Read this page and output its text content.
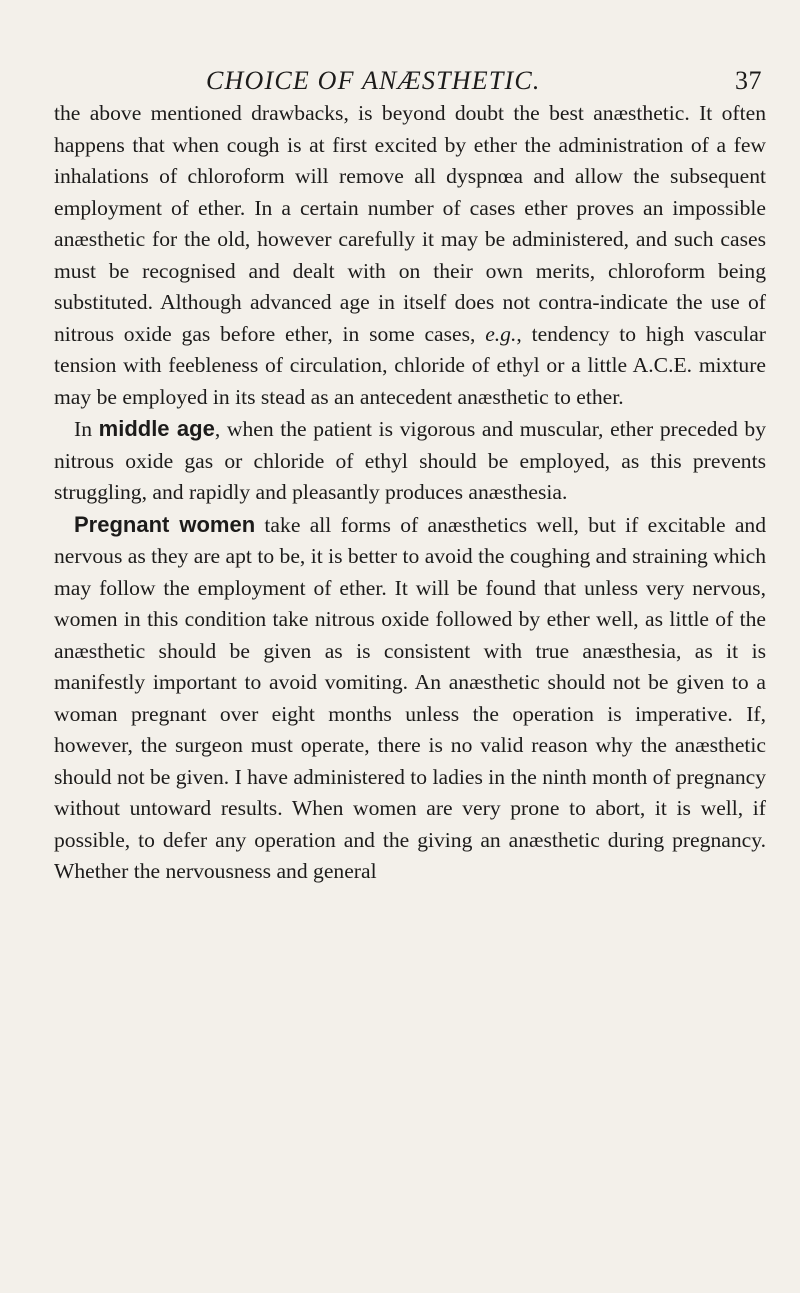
CHOICE OF ANÆSTHETIC.	37

the above mentioned drawbacks, is beyond doubt the best anæsthetic. It often happens that when cough is at first excited by ether the administration of a few inhalations of chloroform will remove all dyspnœa and allow the subsequent employment of ether. In a certain number of cases ether proves an impossible anæsthetic for the old, however carefully it may be administered, and such cases must be recognised and dealt with on their own merits, chloroform being substituted. Although advanced age in itself does not contra-indicate the use of nitrous oxide gas before ether, in some cases, e.g., tendency to high vascular tension with feebleness of circulation, chloride of ethyl or a little A.C.E. mixture may be employed in its stead as an antecedent anæsthetic to ether.

In middle age, when the patient is vigorous and muscular, ether preceded by nitrous oxide gas or chloride of ethyl should be employed, as this prevents struggling, and rapidly and pleasantly produces anæsthesia.

Pregnant women take all forms of anæsthetics well, but if excitable and nervous as they are apt to be, it is better to avoid the coughing and straining which may follow the employment of ether. It will be found that unless very nervous, women in this condition take nitrous oxide followed by ether well, as little of the anæsthetic should be given as is consistent with true anæsthesia, as it is manifestly important to avoid vomiting. An anæsthetic should not be given to a woman pregnant over eight months unless the operation is imperative. If, however, the surgeon must operate, there is no valid reason why the anæsthetic should not be given. I have administered to ladies in the ninth month of pregnancy without untoward results. When women are very prone to abort, it is well, if possible, to defer any operation and the giving an anæsthetic during pregnancy. Whether the nervousness and general
